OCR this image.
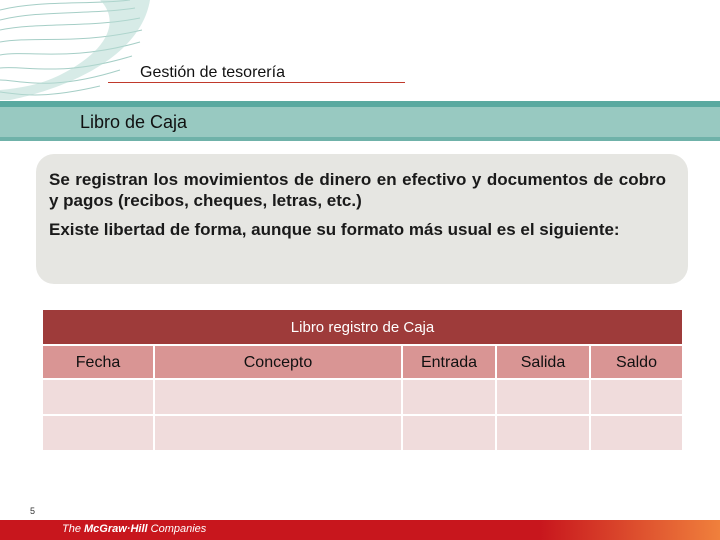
Gestión de tesorería
Libro de Caja

Se registran los movimientos de dinero en efectivo y documentos de cobro y pagos (recibos, cheques, letras, etc.)

Existe libertad de forma, aunque su formato más usual es el siguiente:

Libro registro de Caja				
Fecha	Concepto	Entrada	Salida	Saldo

5
The McGraw·Hill Companies
